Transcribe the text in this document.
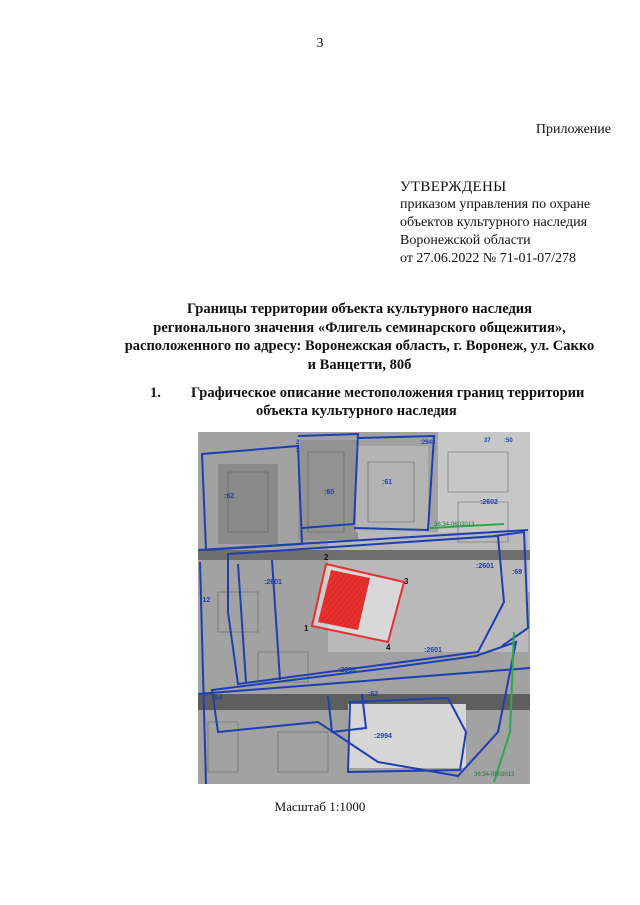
3
Приложение
УТВЕРЖДЕНЫ
приказом управления по охране
объектов культурного наследия
Воронежской области
от 27.06.2022 № 71-01-07/278
Границы территории объекта культурного наследия
регионального значения «Флигель семинарского общежития»,
расположенного по адресу: Воронежская область, г. Воронеж, ул. Сакко
и Ванцетти, 80б
1. Графическое описание местоположения границ территории
объекта культурного наследия
36:34-0603013
36:34-0603013
1
2
3
4
:62
:60
:61
:2601
:2602
:2601
:69
:2601
:2036
:2994
:64
:12
:62
2
3
:2943	37 :50
Масштаб 1:1000
